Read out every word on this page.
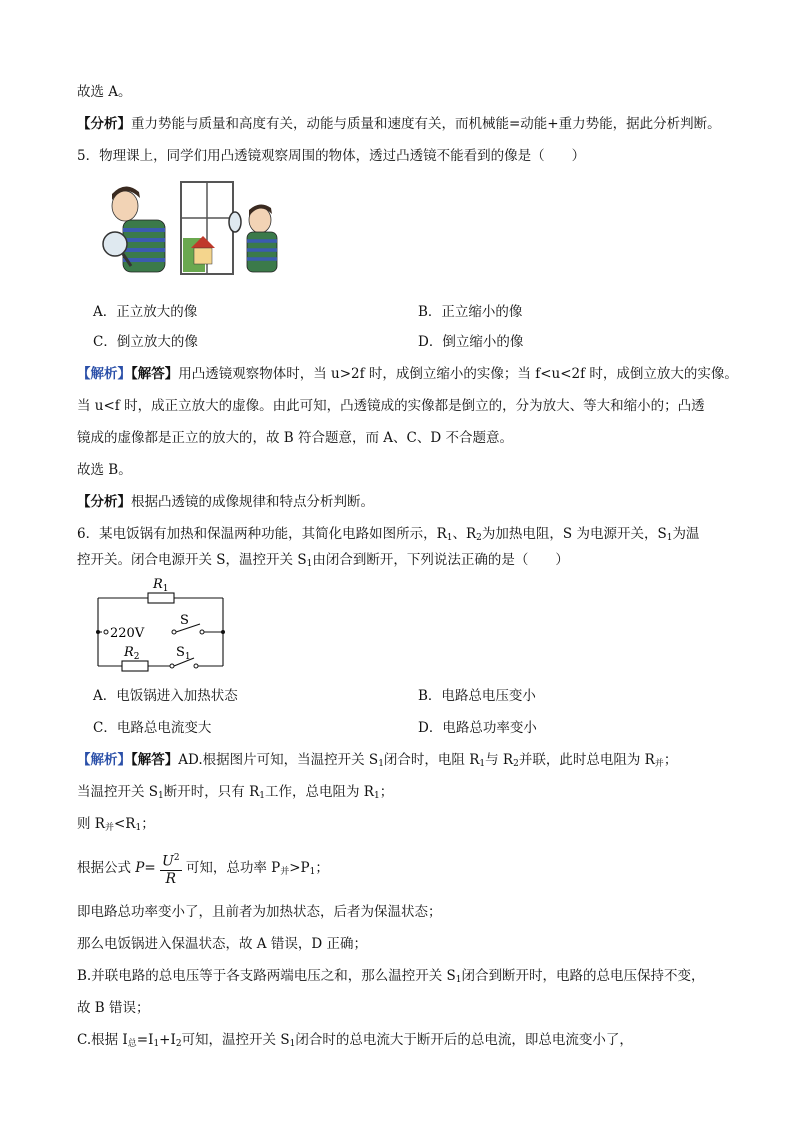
故选 A。
【分析】重力势能与质量和高度有关，动能与质量和速度有关，而机械能=动能+重力势能，据此分析判断。
5．物理课上，同学们用凸透镜观察周围的物体，透过凸透镜不能看到的像是（　　）
A．正立放大的像	B．正立缩小的像
C．倒立放大的像	D．倒立缩小的像
【解析】【解答】用凸透镜观察物体时，当 u>2f 时，成倒立缩小的实像；当 f<u<2f 时，成倒立放大的实像。
当 u<f 时，成正立放大的虚像。由此可知，凸透镜成的实像都是倒立的，分为放大、等大和缩小的；凸透
镜成的虚像都是正立的放大的，故 B 符合题意，而 A、C、D 不合题意。
故选 B。
【分析】根据凸透镜的成像规律和特点分析判断。
6．某电饭锅有加热和保温两种功能，其简化电路如图所示，$R_1$、$R_2$为加热电阻，S 为电源开关，$S_1$为温
控开关。闭合电源开关 S，温控开关 $S_1$由闭合到断开，下列说法正确的是（　　）
$R_1$
220V
S
$R_2$	$S_1$
A．电饭锅进入加热状态	B．电路总电压变小
C．电路总电流变大	D．电路总功率变小
【解析】【解答】AD.根据图片可知，当温控开关 $S_1$闭合时，电阻 $R_1$与 $R_2$并联，此时总电阻为 $R_并$；
当温控开关 $S_1$断开时，只有 $R_1$工作，总电阻为 $R_1$；
则 $R_并<R_1$；
根据公式 $P= \frac{U^2}{R}$ 可知，总功率 $P_并>P_1$；
即电路总功率变小了，且前者为加热状态，后者为保温状态；
那么电饭锅进入保温状态，故 A 错误，D 正确；
B.并联电路的总电压等于各支路两端电压之和，那么温控开关 $S_1$闭合到断开时，电路的总电压保持不变，
故 B 错误；
C.根据 $I_总=I_1+I_2$可知，温控开关 $S_1$闭合时的总电流大于断开后的总电流，即总电流变小了，
